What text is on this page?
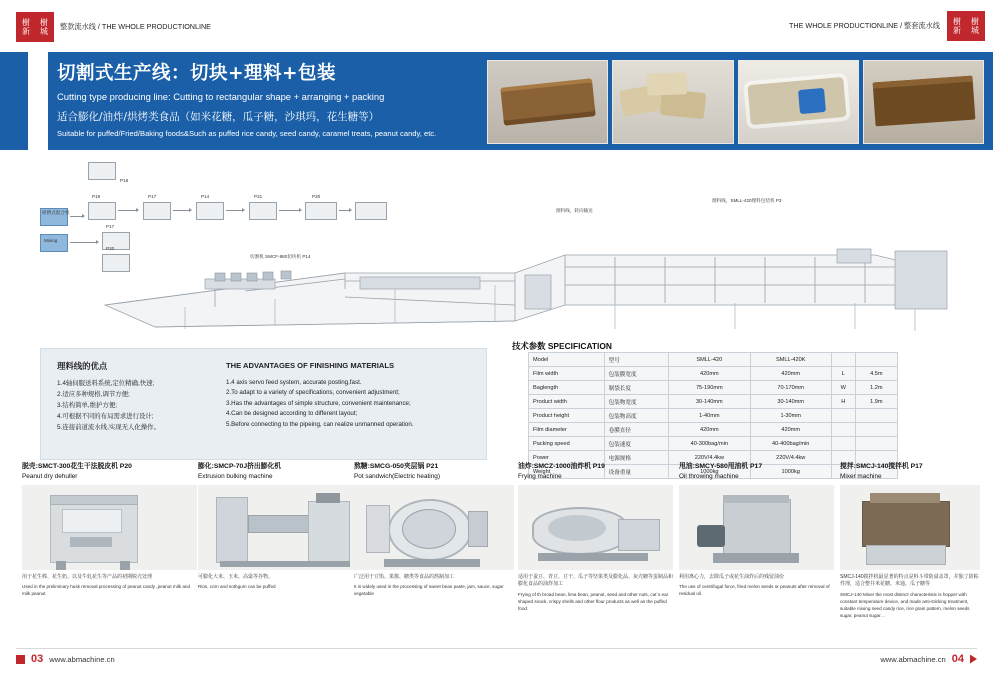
樹	樹
新	城
整款流水线 / THE WHOLE PRODUCTIONLINE	THE WHOLE PRODUCTIONLINE / 整套流水线	樹	樹
新	城
切割式生产线：切块+理料+包装
Cutting type producing line: Cutting to rectangular shape + arranging + packing
适合膨化/油炸/烘烤类食品（如米花糖，瓜子糖，沙琪玛，花生糖等）
Suitable for puffed/Fried/Baking foods&Such as puffed rice candy, seed candy, caramel treats, peanut candy, etc.
P18
P19	P17	P14	P21	P20
P17
P20
摇摆式混合机
Mixing
切割机 SMCF-880切块机 P14
理料线，转向输送
理料线，SMLL-420理料包装机 P3
理料线的优点
1.4轴伺服送料系统,定位精确,快速;
2.适应多种规格,调节方便;
3.结构简单,维护方便;
4.可根据不同的布局需求进行设计;
5.连接前道流水线,实现无人化操作。
THE ADVANTAGES OF FINISHING MATERIALS
1.4 axis servo feed system, accurate posting,fast.
2.To adapt to a variety of specifications, convenient adjustment;
3.Has the advantages of simple structure, convenient maintenance;
4.Can be designed according to different layout;
5.Before connecting to the pipeing, can realize unmanned operation.
技术参数 SPECIFICATION
Model	型号	SMLL-420	SMLL-420K		
Film width	包装膜宽度	420mm	420mm	L	4.5m
Baglength	制袋长度	75-190mm	70-170mm	W	1.2m
Product width	包装物宽度	30-140mm	30-140mm	H	1.9m
Product height	包装物高度	1-40mm	1-30mm		
Film diameter	卷膜直径	420mm	420mm		
Packing speed	包装速度	40-300bag/min	40-400bag/min		
Power	电源规格	220V/4.4kw	220V/4.4kw		
Weight	设备重量	1000kg	1000kg		
脱壳:SMCT-300花生干法脱皮机 P20
Peanut dry dehuller
用于花生棒、花生奶、以及牛轧花生等产品的初期脱壳处理
Used in the preliminary husk removal processing of peanut candy ,peanut milk and milk peanut
膨化:SMCP-70J挤出膨化机
Extrusion bulking machine
可膨化大米、玉米、高粱等谷物。
Rios, corn and sothgum can be puffed
熬糖:SMCG-050夹层锅 P21
Pot sandwich(Electric heating)
广泛用于豆馅、果酱、糖类等食品的熬制加工
It is widely used in the processing of sweet bean paste, jam, sauce, sugar vegetable
油炸:SMCZ-1000油炸机 P19
Frying machine
适用于蚕豆、青豆、豆干、瓜子等坚果类及膨化品、灰壳糖等蛋制品和膨化食品的油炸加工
Frying of th broad bean, lima bean, peanut, seed and other nuts, cat`s ear shaped snack, crispy shells and other flour products as well as the puffed food.
甩油:SMCY-580甩油机 P17
Oil throwing machine
利用离心力，去除瓜子或花生油炸后的残留油份
The use of centrifugal force, fried melon seeds or peanuts after removal of residual oil.
搅拌:SMCJ-140搅拌机 P17
Mixer machine
SMCJ-140搅拌机最显著的特点是料斗带防溢盖罩，并独了防粘性理，适合整井米花糖、米通、瓜子糖等
SMCJ-140 Mixer the most distinct characteristic is hopper with constant temperature device, and made anti-sticking treatment, suitable mixing seed candy rice, rice grain pattern, melon seeds sugar, peanut sugar…
03 www.abmachine.cn	www.abmachine.cn 04
